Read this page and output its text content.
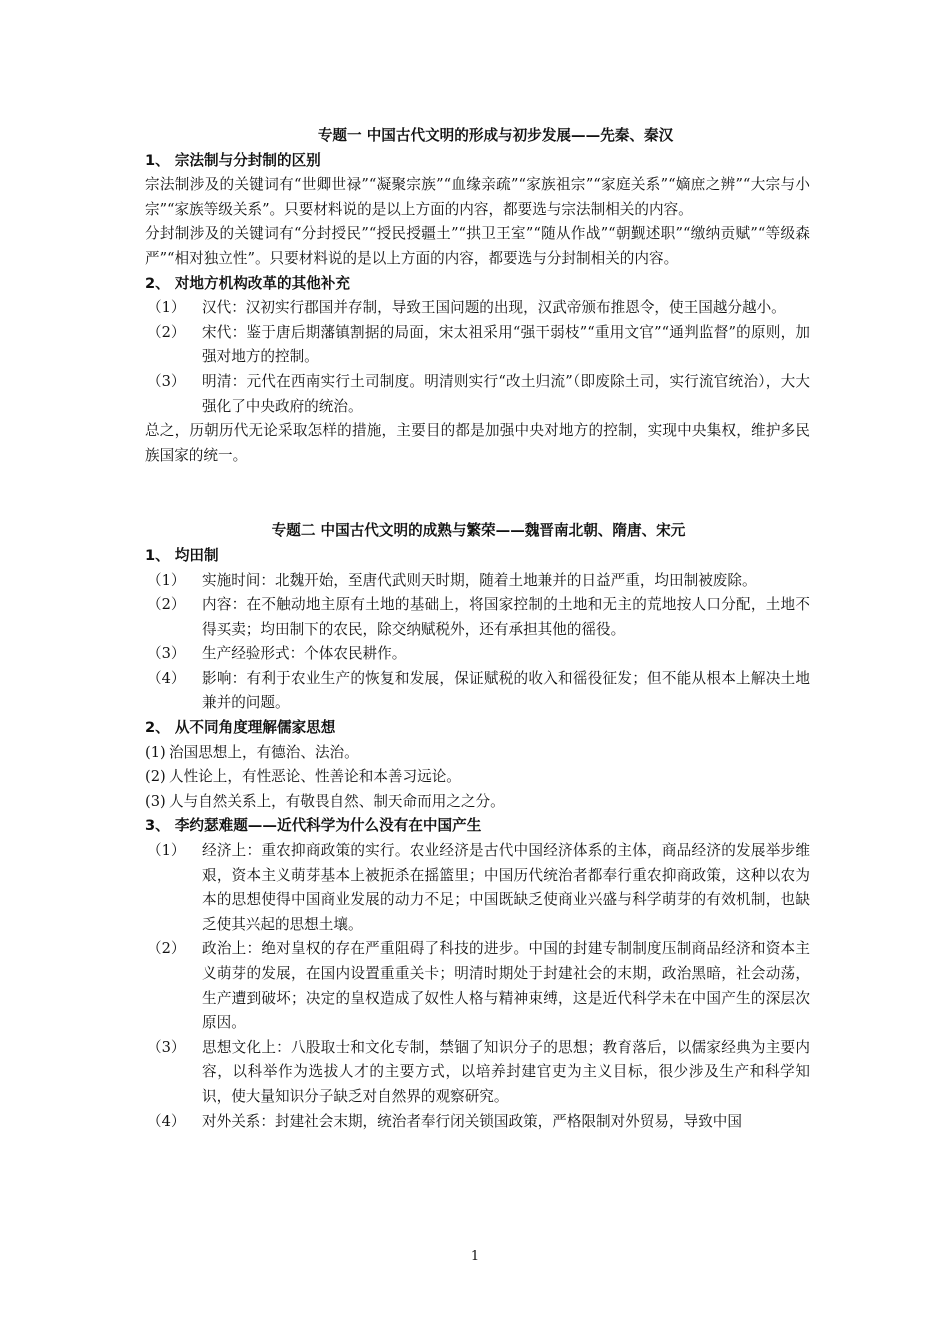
专题一 中国古代文明的形成与初步发展——先秦、秦汉
1、 宗法制与分封制的区别
宗法制涉及的关键词有“世卿世禄”“凝聚宗族”“血缘亲疏”“家族祖宗”“家庭关系”“嫡庶之辨”“大宗与小宗”“家族等级关系”。只要材料说的是以上方面的内容，都要选与宗法制相关的内容。
分封制涉及的关键词有“分封授民”“授民授疆土”“拱卫王室”“随从作战”“朝觐述职”“缴纳贡赋”“等级森严”“相对独立性”。只要材料说的是以上方面的内容，都要选与分封制相关的内容。
2、 对地方机构改革的其他补充
（1）	汉代：汉初实行郡国并存制，导致王国问题的出现，汉武帝颁布推恩令，使王国越分越小。
（2）	宋代：鉴于唐后期藩镇割据的局面，宋太祖采用“强干弱枝”“重用文官”“通判监督”的原则，加强对地方的控制。
（3）	明清：元代在西南实行土司制度。明清则实行“改土归流”（即废除土司，实行流官统治），大大强化了中央政府的统治。
总之，历朝历代无论采取怎样的措施，主要目的都是加强中央对地方的控制，实现中央集权，维护多民族国家的统一。
专题二 中国古代文明的成熟与繁荣——魏晋南北朝、隋唐、宋元
1、 均田制
（1）	实施时间：北魏开始，至唐代武则天时期，随着土地兼并的日益严重，均田制被废除。
（2）	内容：在不触动地主原有土地的基础上，将国家控制的土地和无主的荒地按人口分配，土地不得买卖；均田制下的农民，除交纳赋税外，还有承担其他的徭役。
（3）	生产经验形式：个体农民耕作。
（4）	影响：有利于农业生产的恢复和发展，保证赋税的收入和徭役征发；但不能从根本上解决土地兼并的问题。
2、 从不同角度理解儒家思想
(1) 治国思想上，有德治、法治。
(2) 人性论上，有性恶论、性善论和本善习远论。
(3) 人与自然关系上，有敬畏自然、制天命而用之之分。
3、 李约瑟难题——近代科学为什么没有在中国产生
（1）	经济上：重农抑商政策的实行。农业经济是古代中国经济体系的主体，商品经济的发展举步维艰，资本主义萌芽基本上被扼杀在摇篮里；中国历代统治者都奉行重农抑商政策，这种以农为本的思想使得中国商业发展的动力不足；中国既缺乏使商业兴盛与科学萌芽的有效机制，也缺乏使其兴起的思想土壤。
（2）	政治上：绝对皇权的存在严重阻碍了科技的进步。中国的封建专制制度压制商品经济和资本主义萌芽的发展，在国内设置重重关卡；明清时期处于封建社会的末期，政治黑暗，社会动荡，生产遭到破坏；决定的皇权造成了奴性人格与精神束缚，这是近代科学未在中国产生的深层次原因。
（3）	思想文化上：八股取士和文化专制，禁锢了知识分子的思想；教育落后，以儒家经典为主要内容，以科举作为选拔人才的主要方式，以培养封建官吏为主义目标，很少涉及生产和科学知识，使大量知识分子缺乏对自然界的观察研究。
（4）	对外关系：封建社会末期，统治者奉行闭关锁国政策，严格限制对外贸易，导致中国
1
